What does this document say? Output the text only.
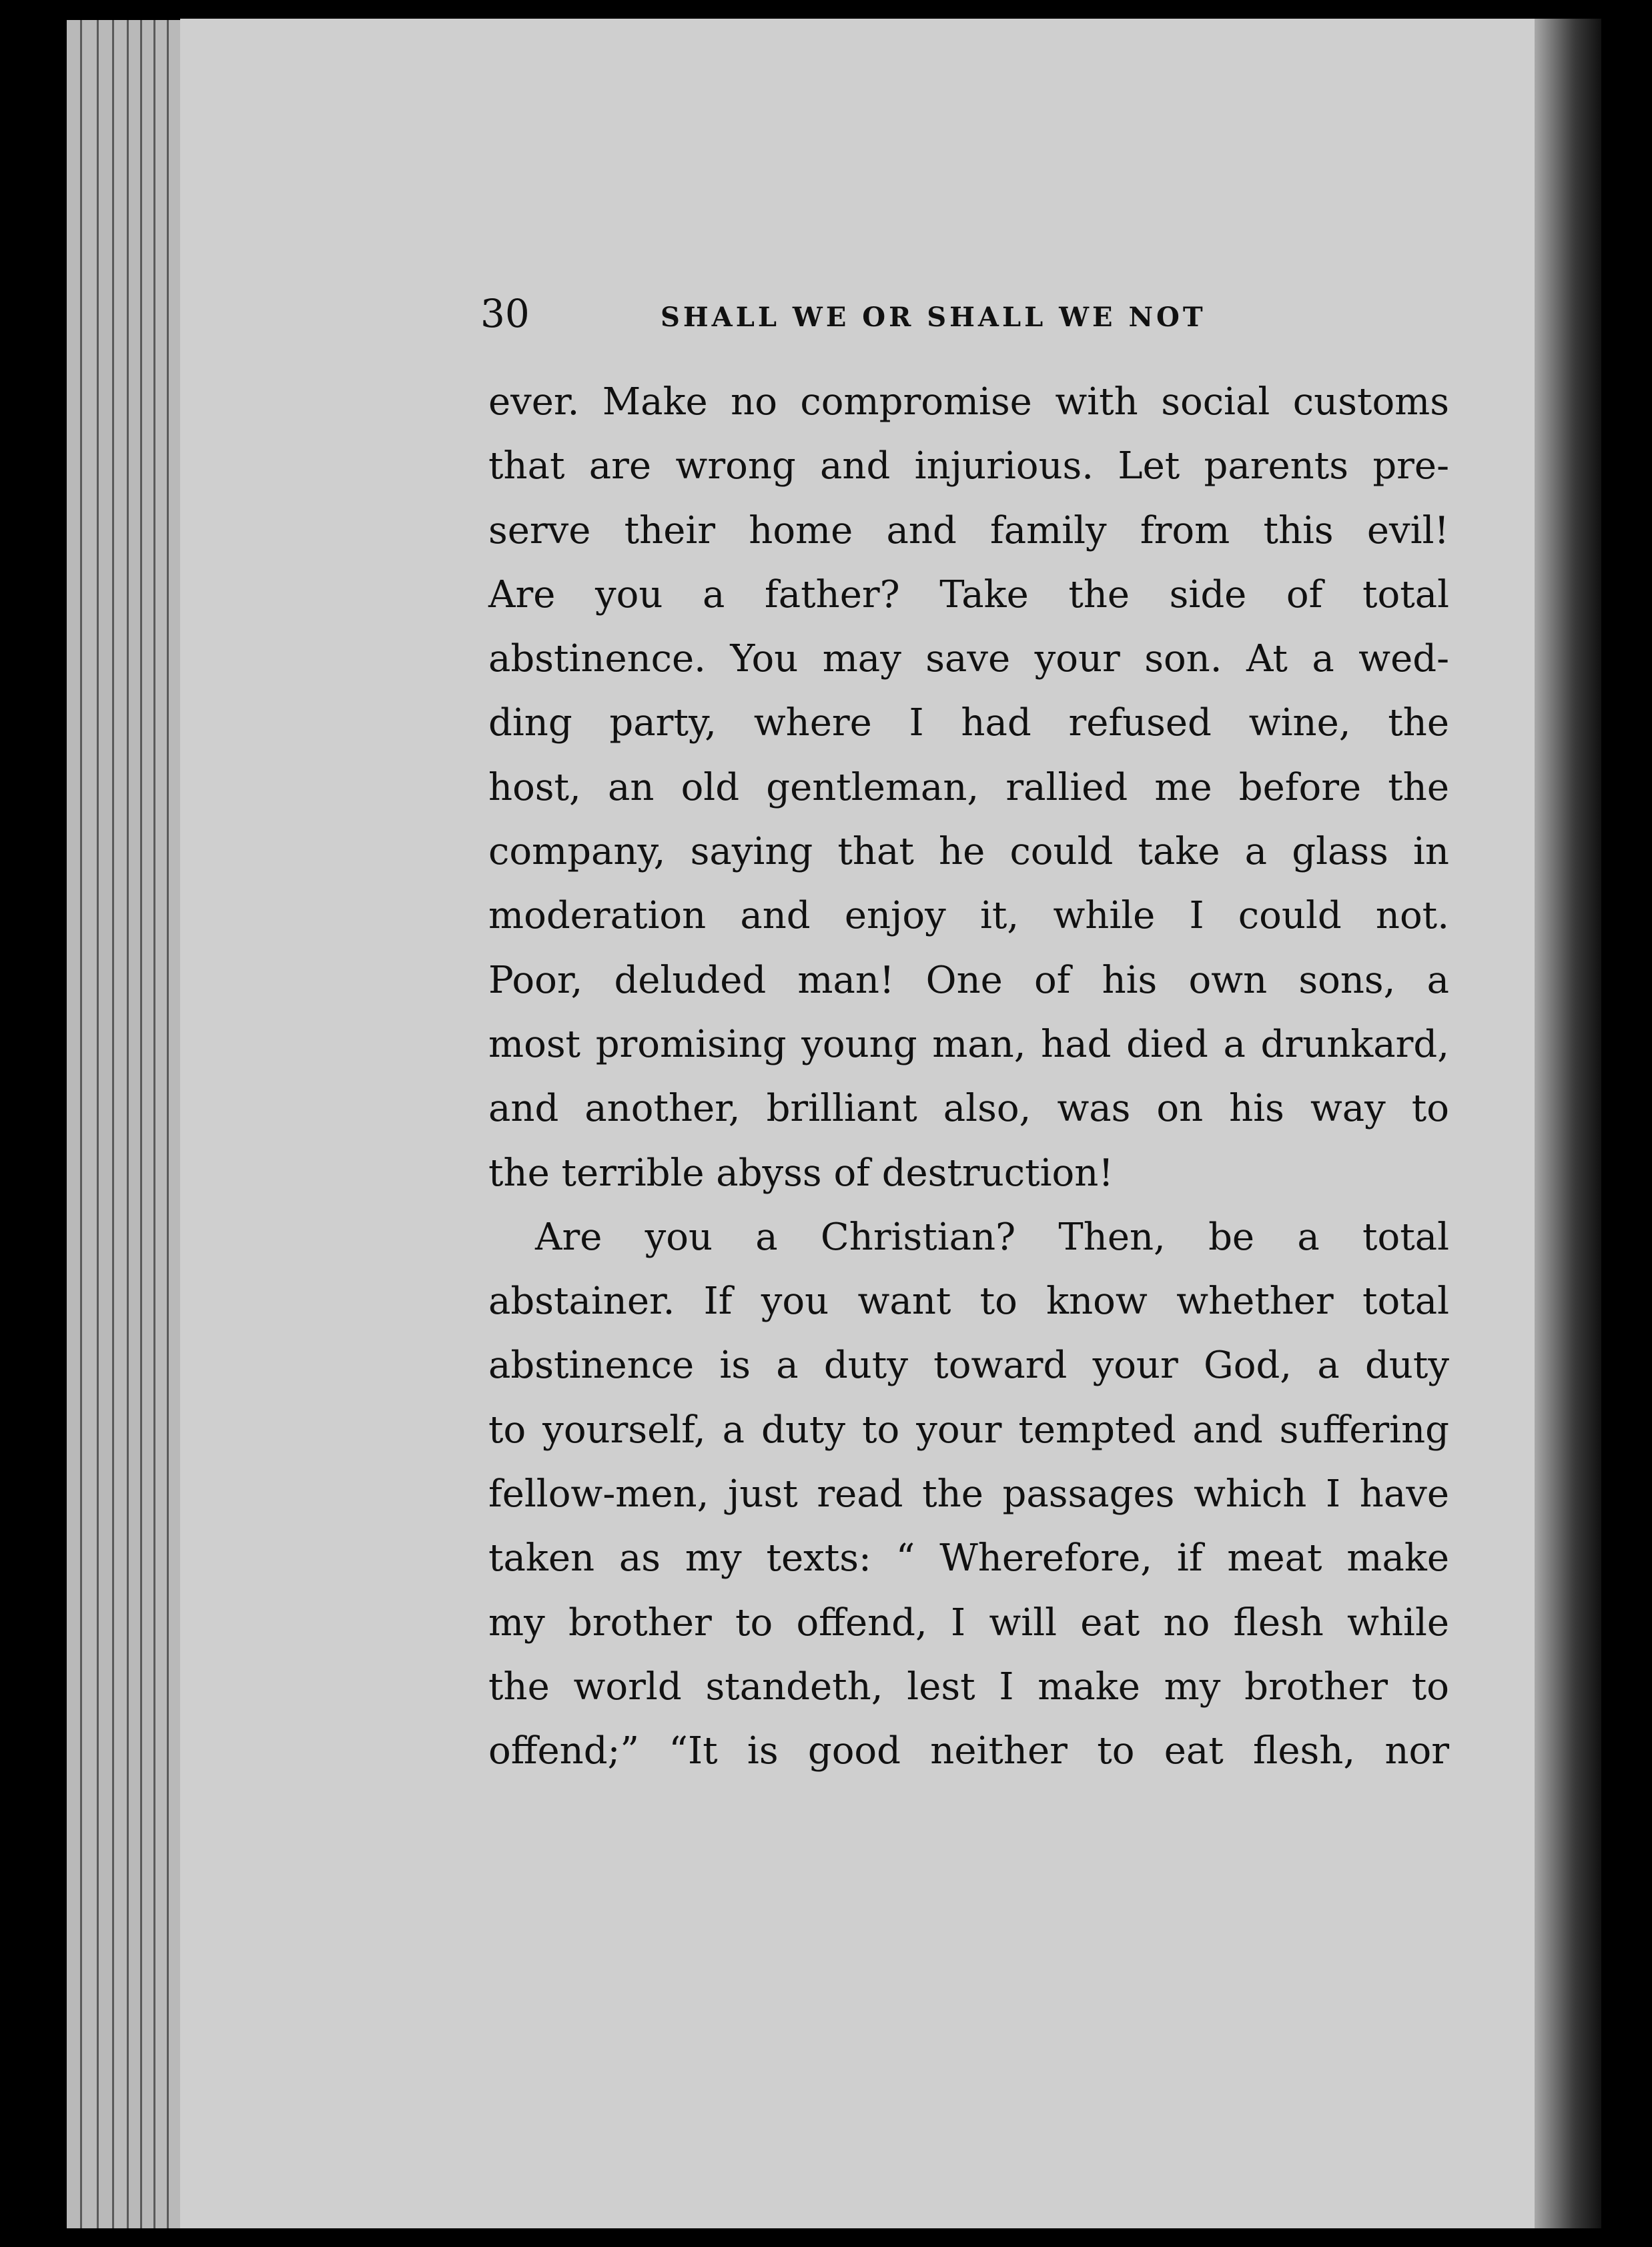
30	SHALL WE OR SHALL WE NOT
ever. Make no compromise with social customs
that are wrong and injurious. Let parents pre-
serve their home and family from this evil!
Are you a father? Take the side of total
abstinence. You may save your son. At a wed-
ding party, where I had refused wine, the
host, an old gentleman, rallied me before the
company, saying that he could take a glass in
moderation and enjoy it, while I could not.
Poor, deluded man! One of his own sons, a
most promising young man, had died a drunkard,
and another, brilliant also, was on his way to
the terrible abyss of destruction!
Are you a Christian? Then, be a total
abstainer. If you want to know whether total
abstinence is a duty toward your God, a duty
to yourself, a duty to your tempted and suffering
fellow-men, just read the passages which I have
taken as my texts: “ Wherefore, if meat make
my brother to offend, I will eat no flesh while
the world standeth, lest I make my brother to
offend;” “It is good neither to eat flesh, nor
